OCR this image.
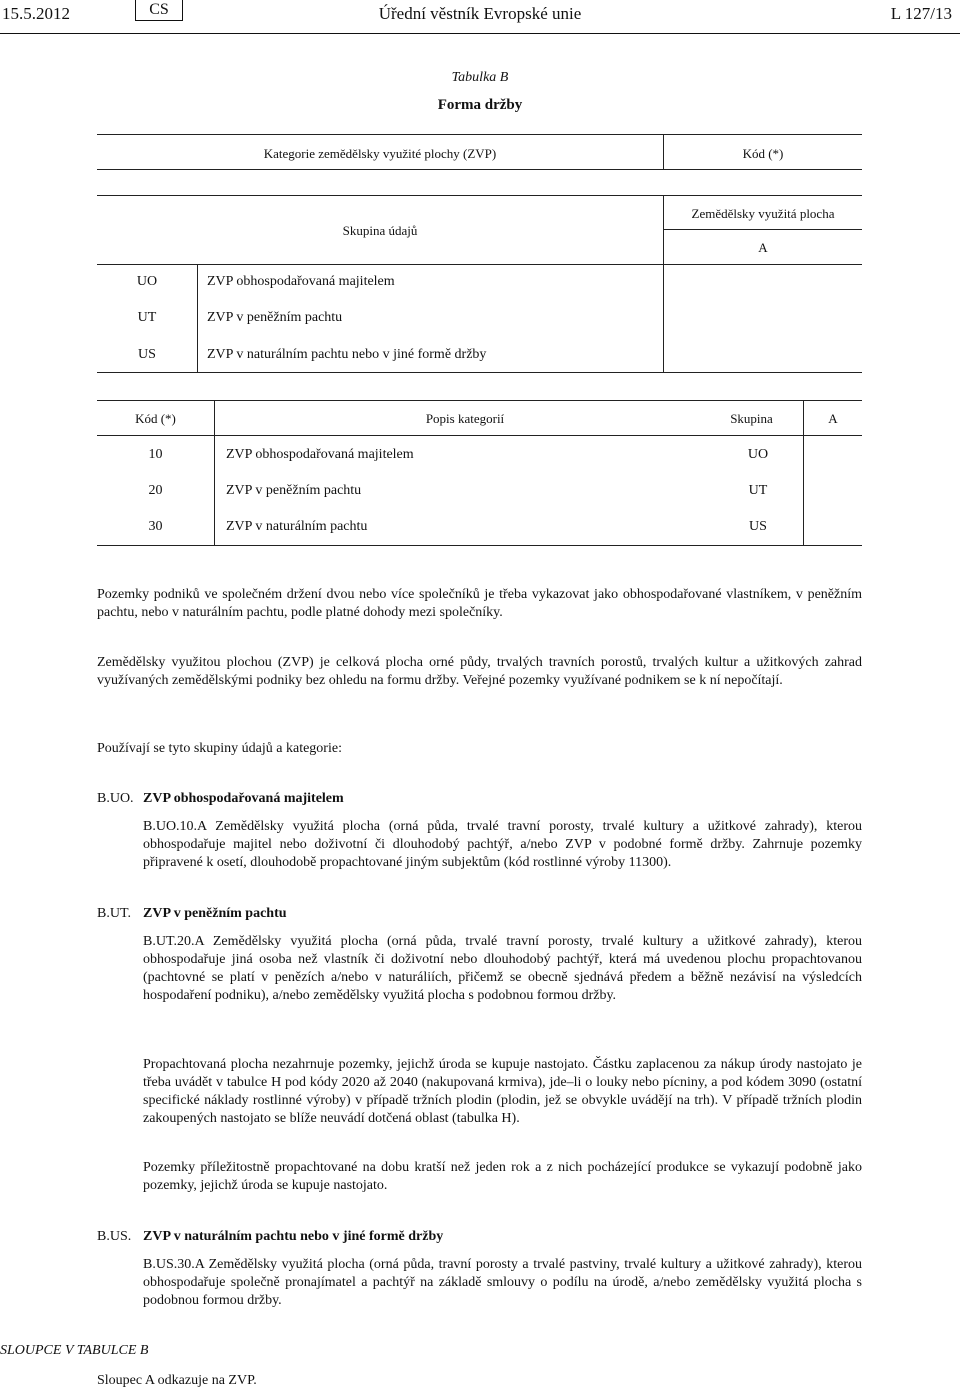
15.5.2012	CS	Úřední věstník Evropské unie	L 127/13
Tabulka B
Forma držby
Kategorie zemědělsky využité plochy (ZVP)	Kód (*)
Skupina údajů
Zemědělsky využitá plocha
A
UO	ZVP obhospodařovaná majitelem
UT	ZVP v peněžním pachtu
US	ZVP v naturálním pachtu nebo v jiné formě držby
Kód (*)	Popis kategorií	Skupina	A
10	ZVP obhospodařovaná majitelem	UO
20	ZVP v peněžním pachtu	UT
30	ZVP v naturálním pachtu	US
Pozemky podniků ve společném držení dvou nebo více společníků je třeba vykazovat jako obhospodařované vlastníkem, v peněžním pachtu, nebo v naturálním pachtu, podle platné dohody mezi společníky.
Zemědělsky využitou plochou (ZVP) je celková plocha orné půdy, trvalých travních porostů, trvalých kultur a užitkových zahrad využívaných zemědělskými podniky bez ohledu na formu držby. Veřejné pozemky využívané podnikem se k ní nepočítají.
Používají se tyto skupiny údajů a kategorie:
B.UO. ZVP obhospodařovaná majitelem
B.UO.10.A Zemědělsky využitá plocha (orná půda, trvalé travní porosty, trvalé kultury a užitkové zahrady), kterou obhospodařuje majitel nebo doživotní či dlouhodobý pachtýř, a/nebo ZVP v podobné formě držby. Zahrnuje pozemky připravené k osetí, dlouhodobě propachtované jiným subjektům (kód rostlinné výroby 11300).
B.UT. ZVP v peněžním pachtu
B.UT.20.A Zemědělsky využitá plocha (orná půda, trvalé travní porosty, trvalé kultury a užitkové zahrady), kterou obhospodařuje jiná osoba než vlastník či doživotní nebo dlouhodobý pachtýř, která má uvedenou plochu propachtovanou (pachtovné se platí v penězích a/nebo v naturáliích, přičemž se obecně sjednává předem a běžně nezávisí na výsledcích hospodaření podniku), a/nebo zemědělsky využitá plocha s podobnou formou držby.
Propachtovaná plocha nezahrnuje pozemky, jejichž úroda se kupuje nastojato. Částku zaplacenou za nákup úrody nastojato je třeba uvádět v tabulce H pod kódy 2020 až 2040 (nakupovaná krmiva), jde–li o louky nebo pícniny, a pod kódem 3090 (ostatní specifické náklady rostlinné výroby) v případě tržních plodin (plodin, jež se obvykle uvádějí na trh). V případě tržních plodin zakoupených nastojato se blíže neuvádí dotčená oblast (tabulka H).
Pozemky příležitostně propachtované na dobu kratší než jeden rok a z nich pocházející produkce se vykazují podobně jako pozemky, jejichž úroda se kupuje nastojato.
B.US. ZVP v naturálním pachtu nebo v jiné formě držby
B.US.30.A Zemědělsky využitá plocha (orná půda, travní porosty a trvalé pastviny, trvalé kultury a užitkové zahrady), kterou obhospodařuje společně pronajímatel a pachtýř na základě smlouvy o podílu na úrodě, a/nebo zemědělsky využitá plocha s podobnou formou držby.
SLOUPCE V TABULCE B
Sloupec A odkazuje na ZVP.
